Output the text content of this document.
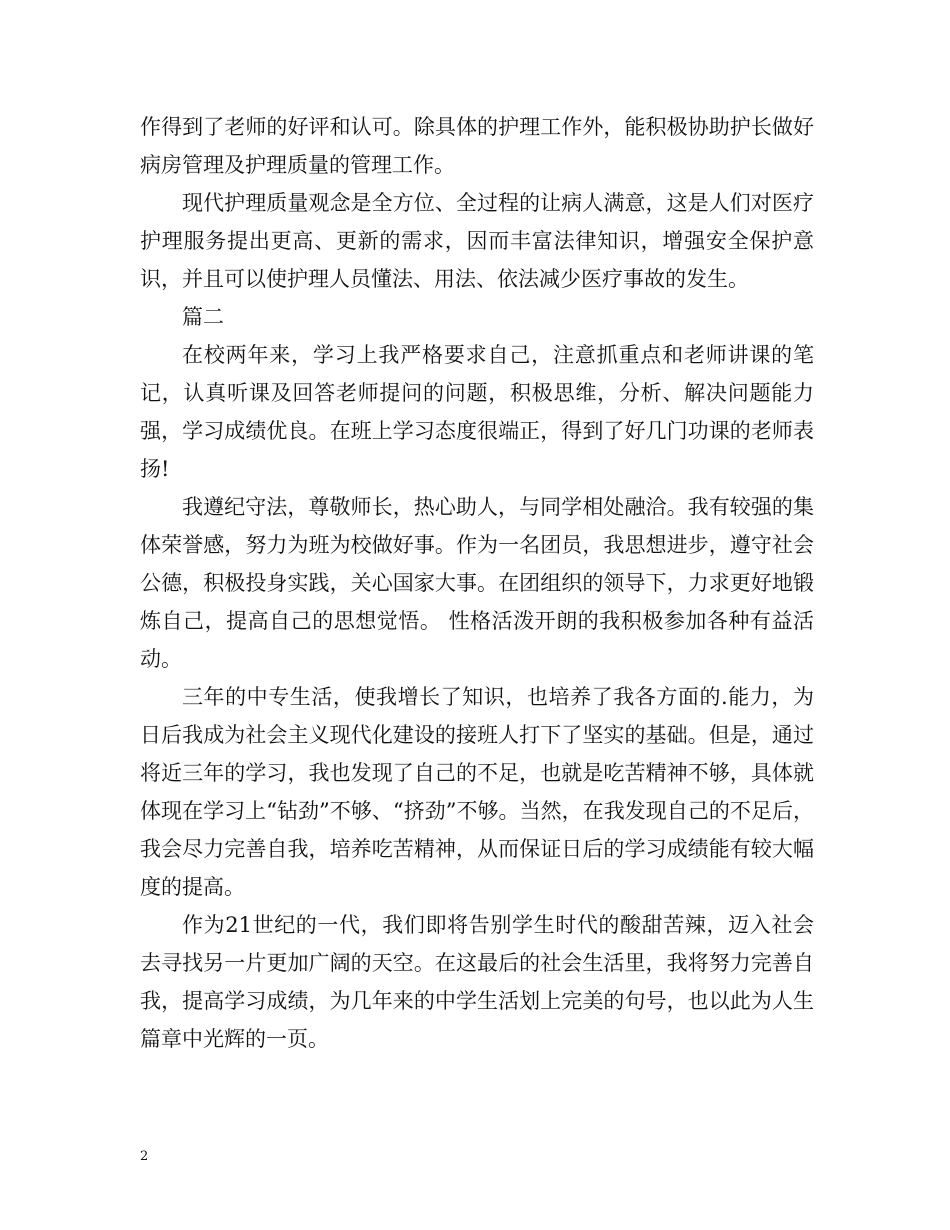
作得到了老师的好评和认可。除具体的护理工作外，能积极协助护长做好病房管理及护理质量的管理工作。

现代护理质量观念是全方位、全过程的让病人满意，这是人们对医疗护理服务提出更高、更新的需求，因而丰富法律知识，增强安全保护意识，并且可以使护理人员懂法、用法、依法减少医疗事故的发生。

篇二

在校两年来，学习上我严格要求自己，注意抓重点和老师讲课的笔记，认真听课及回答老师提问的问题，积极思维，分析、解决问题能力强，学习成绩优良。在班上学习态度很端正，得到了好几门功课的老师表扬!

我遵纪守法，尊敬师长，热心助人，与同学相处融洽。我有较强的集体荣誉感，努力为班为校做好事。作为一名团员，我思想进步，遵守社会公德，积极投身实践，关心国家大事。在团组织的领导下，力求更好地锻炼自己，提高自己的思想觉悟。 性格活泼开朗的我积极参加各种有益活动。

三年的中专生活，使我增长了知识，也培养了我各方面的.能力，为日后我成为社会主义现代化建设的接班人打下了坚实的基础。但是，通过将近三年的学习，我也发现了自己的不足，也就是吃苦精神不够，具体就体现在学习上“钻劲”不够、“挤劲”不够。当然，在我发现自己的不足后，我会尽力完善自我，培养吃苦精神，从而保证日后的学习成绩能有较大幅度的提高。

作为21世纪的一代，我们即将告别学生时代的酸甜苦辣，迈入社会去寻找另一片更加广阔的天空。在这最后的社会生活里，我将努力完善自我，提高学习成绩，为几年来的中学生活划上完美的句号，也以此为人生篇章中光辉的一页。

2
